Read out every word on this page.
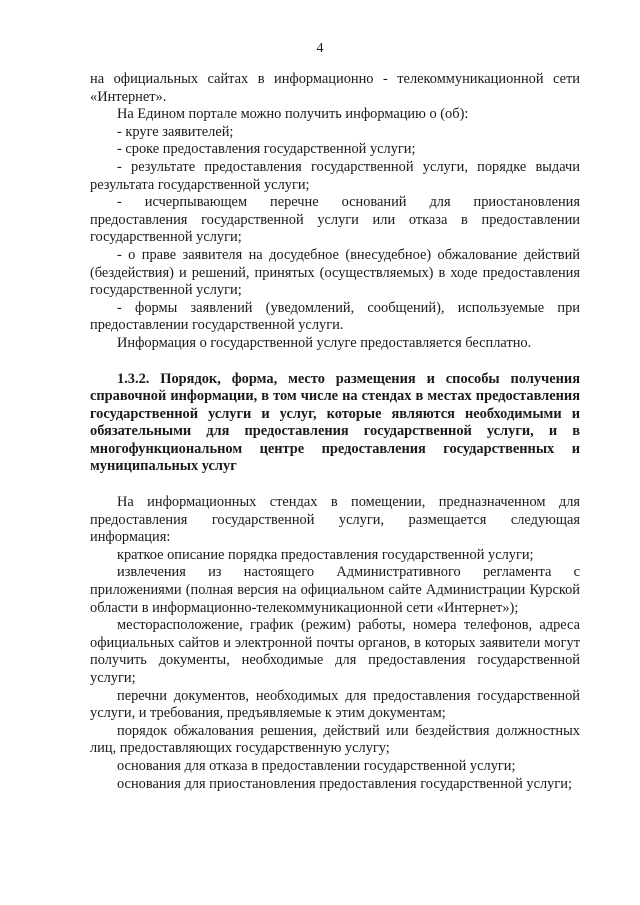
4

на официальных сайтах в информационно - телекоммуникационной сети «Интернет».

На Едином портале можно получить информацию о (об):

- круге заявителей;

- сроке предоставления государственной услуги;

- результате предоставления государственной услуги, порядке выдачи результата государственной услуги;

- исчерпывающем перечне оснований для приостановления предоставления государственной услуги или отказа в предоставлении государственной услуги;

- о праве заявителя на досудебное (внесудебное) обжалование действий (бездействия) и решений, принятых (осуществляемых) в ходе предоставления государственной услуги;

- формы заявлений (уведомлений, сообщений), используемые при предоставлении государственной услуги.

Информация о государственной услуге предоставляется бесплатно.

1.3.2. Порядок, форма, место размещения и способы получения справочной информации, в том числе на стендах в местах предоставления государственной услуги и услуг, которые являются необходимыми и обязательными для предоставления государственной услуги, и в многофункциональном центре предоставления государственных и муниципальных услуг

На информационных стендах в помещении, предназначенном для предоставления государственной услуги, размещается следующая информация:

краткое описание порядка предоставления государственной услуги;

извлечения из настоящего Административного регламента с приложениями (полная версия на официальном сайте Администрации Курской области в информационно-телекоммуникационной сети «Интернет»);

месторасположение, график (режим) работы, номера телефонов, адреса официальных сайтов и электронной почты органов, в которых заявители могут получить документы, необходимые для предоставления государственной услуги;

перечни документов, необходимых для предоставления государственной услуги, и требования, предъявляемые к этим документам;

порядок обжалования решения, действий или бездействия должностных лиц, предоставляющих государственную услугу;

основания для отказа в предоставлении государственной услуги;

основания для приостановления предоставления государственной услуги;
